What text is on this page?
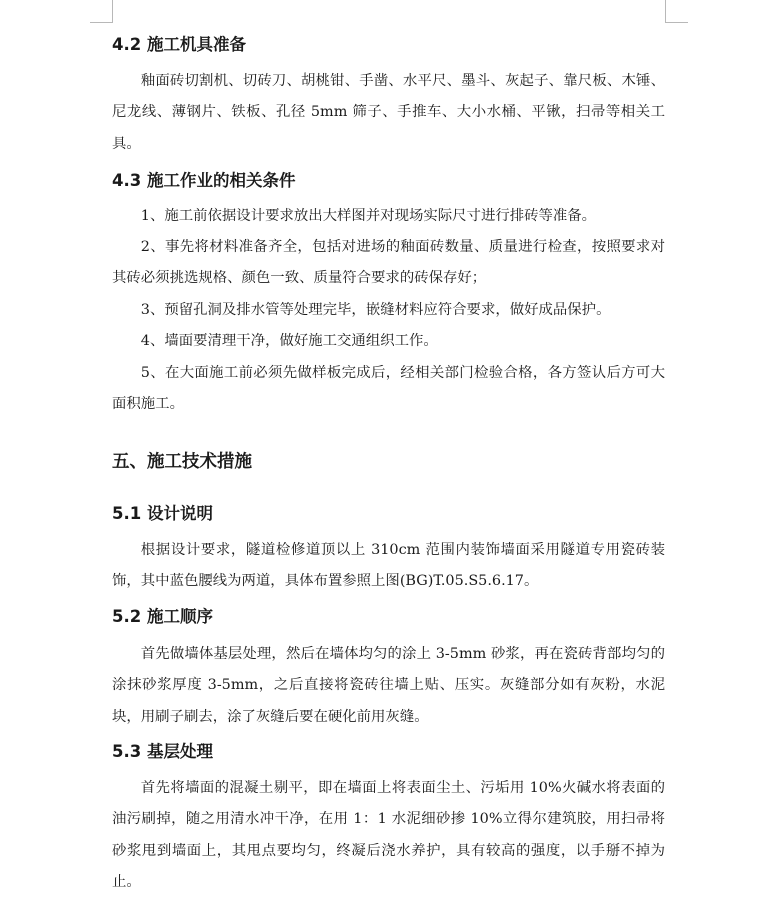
4.2 施工机具准备

釉面砖切割机、切砖刀、胡桃钳、手凿、水平尺、墨斗、灰起子、靠尺板、木锤、尼龙线、薄钢片、铁板、孔径 5mm 筛子、手推车、大小水桶、平锹，扫帚等相关工具。

4.3 施工作业的相关条件

1、施工前依据设计要求放出大样图并对现场实际尺寸进行排砖等准备。

2、事先将材料准备齐全，包括对进场的釉面砖数量、质量进行检查，按照要求对其砖必须挑选规格、颜色一致、质量符合要求的砖保存好；

3、预留孔洞及排水管等处理完毕，嵌缝材料应符合要求，做好成品保护。

4、墙面要清理干净，做好施工交通组织工作。

5、在大面施工前必须先做样板完成后，经相关部门检验合格，各方签认后方可大面积施工。

五、施工技术措施
5.1 设计说明

根据设计要求，隧道检修道顶以上 310cm 范围内装饰墙面采用隧道专用瓷砖装饰，其中蓝色腰线为两道，具体布置参照上图(BG)T.05.S5.6.17。

5.2 施工顺序

首先做墙体基层处理，然后在墙体均匀的涂上 3-5mm 砂浆，再在瓷砖背部均匀的涂抹砂浆厚度 3-5mm，之后直接将瓷砖往墙上贴、压实。灰缝部分如有灰粉，水泥块，用刷子刷去，涂了灰缝后要在硬化前用灰缝。

5.3 基层处理

首先将墙面的混凝土剔平，即在墙面上将表面尘土、污垢用 10%火碱水将表面的油污刷掉，随之用清水冲干净，在用 1：1 水泥细砂掺 10%立得尔建筑胶，用扫帚将砂浆甩到墙面上，其甩点要均匀，终凝后浇水养护，具有较高的强度，以手掰不掉为止。
